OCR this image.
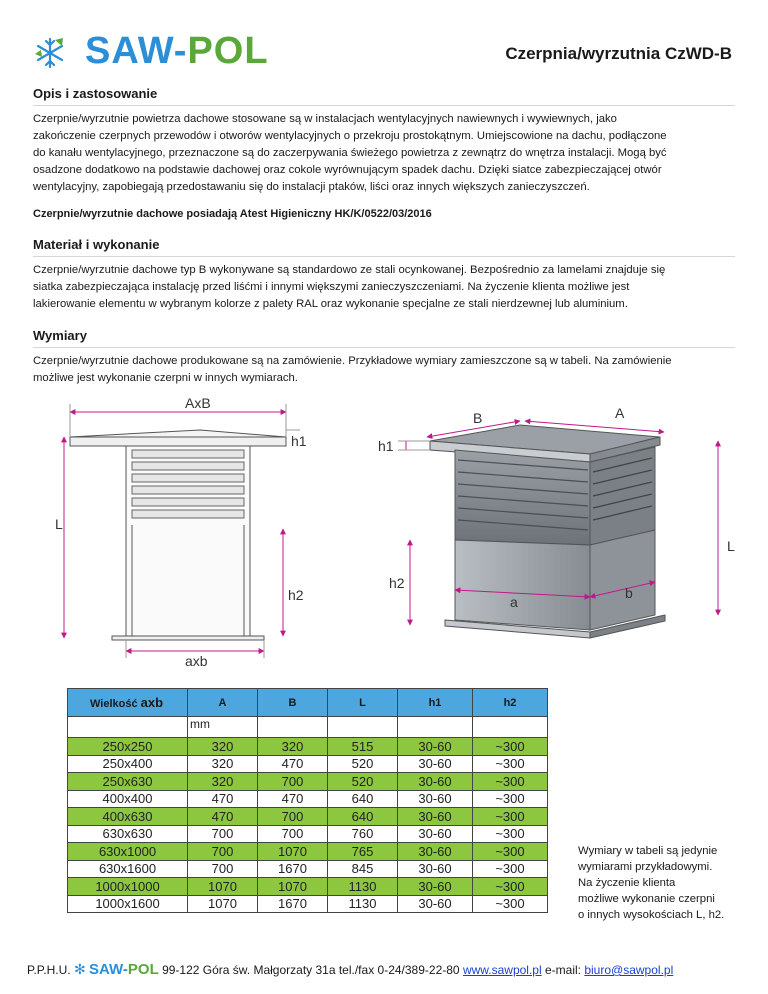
SAW-POL	Czerpnia/wyrzutnia CzWD-B
Opis i zastosowanie
Czerpnie/wyrzutnie powietrza dachowe stosowane są w instalacjach wentylacyjnych nawiewnych i wywiewnych, jako
zakończenie czerpnych przewodów i otworów wentylacyjnych o przekroju prostokątnym. Umiejscowione na dachu, podłączone
do kanału wentylacyjnego, przeznaczone są do zaczerpywania świeżego powietrza z zewnątrz do wnętrza instalacji. Mogą być
osadzone dodatkowo na podstawie dachowej oraz cokole wyrównującym spadek dachu. Dzięki siatce zabezpieczającej otwór
wentylacyjny, zapobiegają przedostawaniu się do instalacji ptaków, liści oraz innych większych zanieczyszczeń.
Czerpnie/wyrzutnie dachowe posiadają Atest Higieniczny HK/K/0522/03/2016
Materiał i wykonanie
Czerpnie/wyrzutnie dachowe typ B wykonywane są standardowo ze stali ocynkowanej. Bezpośrednio za lamelami znajduje się
siatka zabezpieczająca instalację przed liśćmi i innymi większymi zanieczyszczeniami. Na życzenie klienta możliwe jest
lakierowanie elementu w wybranym kolorze z palety RAL oraz wykonanie specjalne ze stali nierdzewnej lub aluminium.
Wymiary
Czerpnie/wyrzutnie dachowe produkowane są na zamówienie. Przykładowe wymiary zamieszczone są w tabeli. Na zamówienie
możliwe jest wykonanie czerpni w innych wymiarach.
AxB
h1
L
h2
axb
B	A
h1
L
h2
a
b
Wielkość axb	A	B	L	h1	h2
	mm				
250x250	320	320	515	30-60	~300
250x400	320	470	520	30-60	~300
250x630	320	700	520	30-60	~300
400x400	470	470	640	30-60	~300
400x630	470	700	640	30-60	~300
630x630	700	700	760	30-60	~300
630x1000	700	1070	765	30-60	~300
630x1600	700	1670	845	30-60	~300
1000x1000	1070	1070	1130	30-60	~300
1000x1600	1070	1670	1130	30-60	~300
Wymiary w tabeli są jedynie
wymiarami przykładowymi.
Na życzenie klienta
możliwe wykonanie czerpni
o innych wysokościach L, h2.
P.P.H.U. ✻ SAW-POL 99-122 Góra św. Małgorzaty 31a tel./fax 0-24/389-22-80 www.sawpol.pl e-mail: biuro@sawpol.pl
